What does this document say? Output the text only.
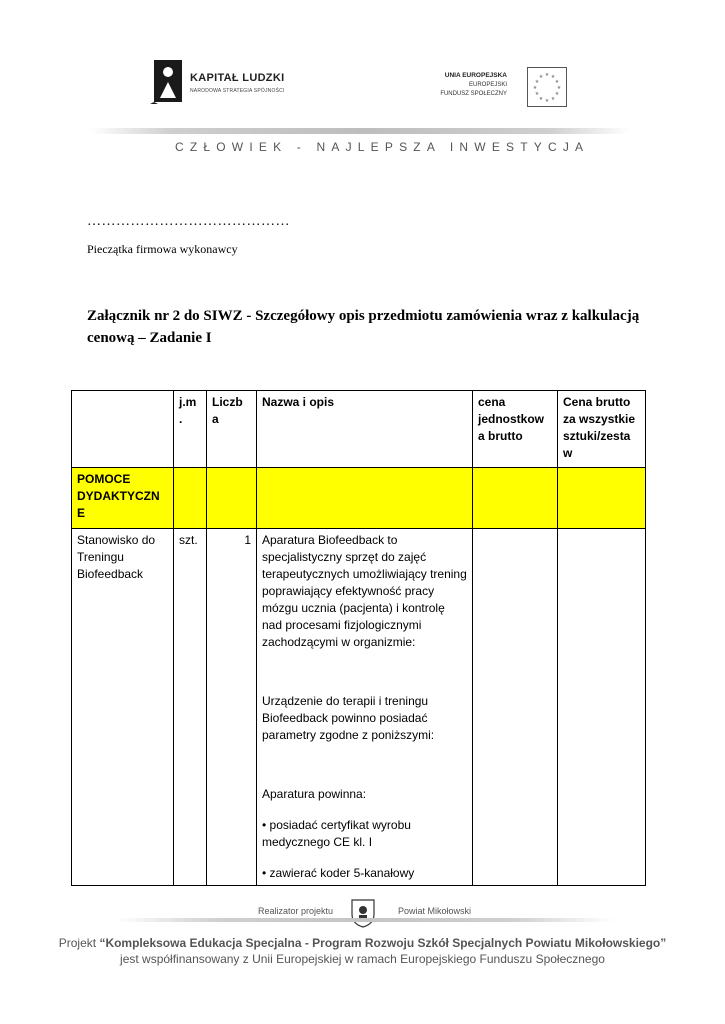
KAPITAŁ LUDZKI
NARODOWA STRATEGIA SPÓJNOŚCI
UNIA EUROPEJSKA
EUROPEJSKI
FUNDUSZ SPOŁECZNY
★ ★
★
★
★
★
★
★
★
★
★
★
CZŁOWIEK - NAJLEPSZA INWESTYCJA
……………………………………
Pieczątka firmowa wykonawcy
Załącznik nr 2 do SIWZ - Szczegółowy opis przedmiotu zamówienia wraz z kalkulacją cenową – Zadanie I
	j.m .	Liczb a	Nazwa i opis	cena jednostkow a brutto	Cena brutto za wszystkie sztuki/zesta w
POMOCE DYDAKTYCZN E					
Stanowisko do Treningu Biofeedback	szt.	1	Aparatura Biofeedback to specjalistyczny sprzęt do zajęć terapeutycznych umożliwiający trening poprawiający efektywność pracy mózgu ucznia (pacjenta) i kontrolę nad procesami fizjologicznymi zachodzącymi w organizmie:

Urządzenie do terapii i treningu Biofeedback powinno posiadać parametry zgodne z poniższymi:

Aparatura powinna:

• posiadać certyfikat wyrobu medycznego CE kl. I

• zawierać koder 5-kanałowy		

Realizator projektu	Powiat Mikołowski
Projekt “Kompleksowa Edukacja Specjalna - Program Rozwoju Szkół Specjalnych Powiatu Mikołowskiego”
jest współfinansowany z Unii Europejskiej w ramach Europejskiego Funduszu Społecznego
